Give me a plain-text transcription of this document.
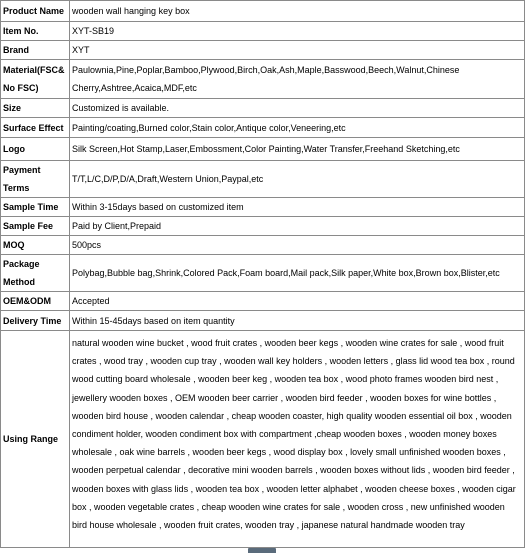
Product Name	wooden wall hanging key box
Item No.	XYT-SB19
Brand	XYT
Material(FSC& No FSC)	Paulownia,Pine,Poplar,Bamboo,Plywood,Birch,Oak,Ash,Maple,Basswood,Beech,Walnut,Chinese Cherry,Ashtree,Acaica,MDF,etc
Size	Customized is available.
Surface Effect	Painting/coating,Burned color,Stain color,Antique color,Veneering,etc
Logo	Silk Screen,Hot Stamp,Laser,Embossment,Color Painting,Water Transfer,Freehand Sketching,etc
Payment Terms	T/T,L/C,D/P,D/A,Draft,Western Union,Paypal,etc
Sample Time	Within 3-15days based on customized item
Sample Fee	Paid by Client,Prepaid
MOQ	500pcs
Package Method	Polybag,Bubble bag,Shrink,Colored Pack,Foam board,Mail pack,Silk paper,White box,Brown box,Blister,etc
OEM&ODM	Accepted
Delivery Time	Within 15-45days based on item quantity
Using Range	natural wooden wine bucket , wood fruit crates , wooden beer kegs , wooden wine crates for sale , wood fruit crates , wood tray , wooden cup tray , wooden wall key holders , wooden letters , glass lid wood tea box , round wood cutting board wholesale , wooden beer keg , wooden tea box , wood photo frames wooden bird nest , jewellery wooden boxes , OEM wooden beer carrier , wooden bird feeder , wooden boxes for wine bottles , wooden bird house , wooden calendar , cheap wooden coaster, high quality wooden essential oil box , wooden condiment holder, wooden condiment box with compartment ,cheap wooden boxes , wooden money boxes wholesale , oak wine barrels , wooden beer kegs , wood display box , lovely small unfinished wooden boxes , wooden perpetual calendar , decorative mini wooden barrels , wooden boxes without lids , wooden bird feeder , wooden boxes with glass lids , wooden tea box , wooden letter alphabet , wooden cheese boxes , wooden cigar box , wooden vegetable crates , cheap wooden wine crates for sale , wooden cross , new unfinished wooden bird house wholesale , wooden fruit crates, wooden tray , japanese natural handmade wooden tray
